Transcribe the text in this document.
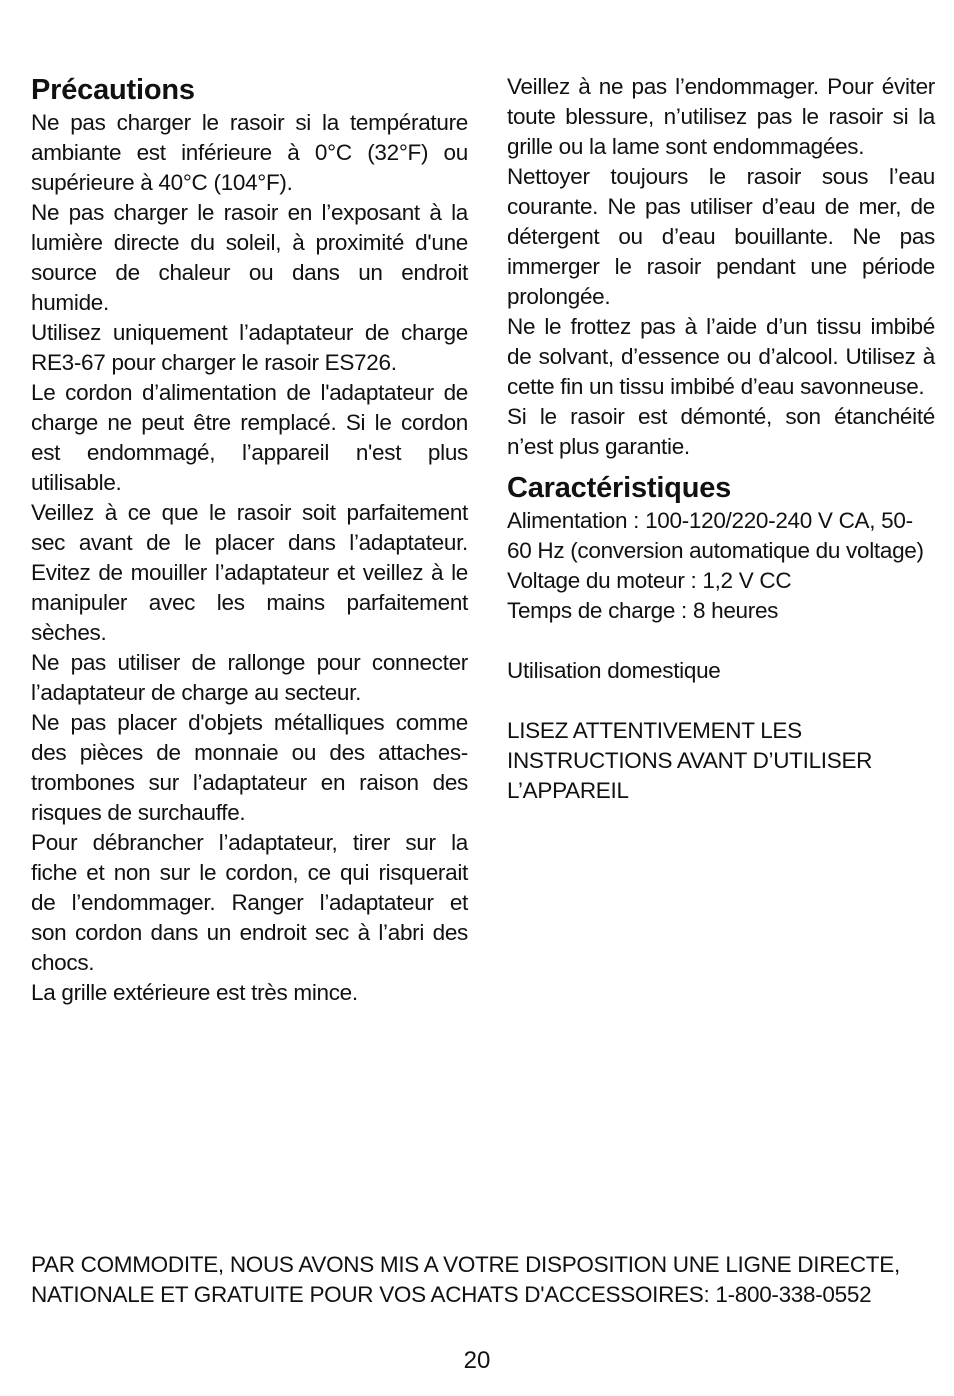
Précautions

Ne pas charger le rasoir si la température ambiante est inférieure à 0°C (32°F) ou supérieure à 40°C (104°F).

Ne pas charger le rasoir en l’exposant à la lumière directe du soleil, à proximité d'une source de chaleur ou dans un endroit humide.

Utilisez uniquement l’adaptateur de charge RE3-67 pour charger le rasoir ES726.

Le cordon d’alimentation de l'adaptateur de charge ne peut être remplacé. Si le cordon est endommagé, l’appareil n'est plus utilisable.

Veillez à ce que le rasoir soit parfaitement sec avant de le placer dans l’adaptateur. Evitez de mouiller l’adaptateur et veillez à le manipuler avec les mains parfaitement sèches.

Ne pas utiliser de rallonge pour connecter l’adaptateur de charge au secteur.

Ne pas placer d'objets métalliques comme des pièces de monnaie ou des attaches-trombones sur l’adaptateur en raison des risques de surchauffe.

Pour débrancher l’adaptateur, tirer sur la fiche et non sur le cordon, ce qui risquerait de l’endommager. Ranger l’adaptateur et son cordon dans un endroit sec à l’abri des chocs.

La grille extérieure est très mince.

Veillez à ne pas l’endommager. Pour éviter toute blessure, n’utilisez pas le rasoir si la grille ou la lame sont endommagées.

Nettoyer toujours le rasoir sous l’eau courante. Ne pas utiliser d’eau de mer, de détergent ou d’eau bouillante. Ne pas immerger le rasoir pendant une période prolongée.

Ne le frottez pas à l’aide d’un tissu imbibé de solvant, d’essence ou d’alcool. Utilisez à cette fin un tissu imbibé d’eau savonneuse.

Si le rasoir est démonté, son étanchéité n’est plus garantie.

Caractéristiques

Alimentation : 100-120/220-240 V CA, 50-60 Hz (conversion automatique du voltage)

Voltage du moteur : 1,2 V CC

Temps de charge : 8 heures

Utilisation domestique

LISEZ ATTENTIVEMENT LES INSTRUCTIONS AVANT D’UTILISER L’APPAREIL

PAR COMMODITE, NOUS AVONS MIS A VOTRE DISPOSITION UNE LIGNE DIRECTE, NATIONALE ET GRATUITE POUR VOS ACHATS D'ACCESSOIRES: 1-800-338-0552

20
